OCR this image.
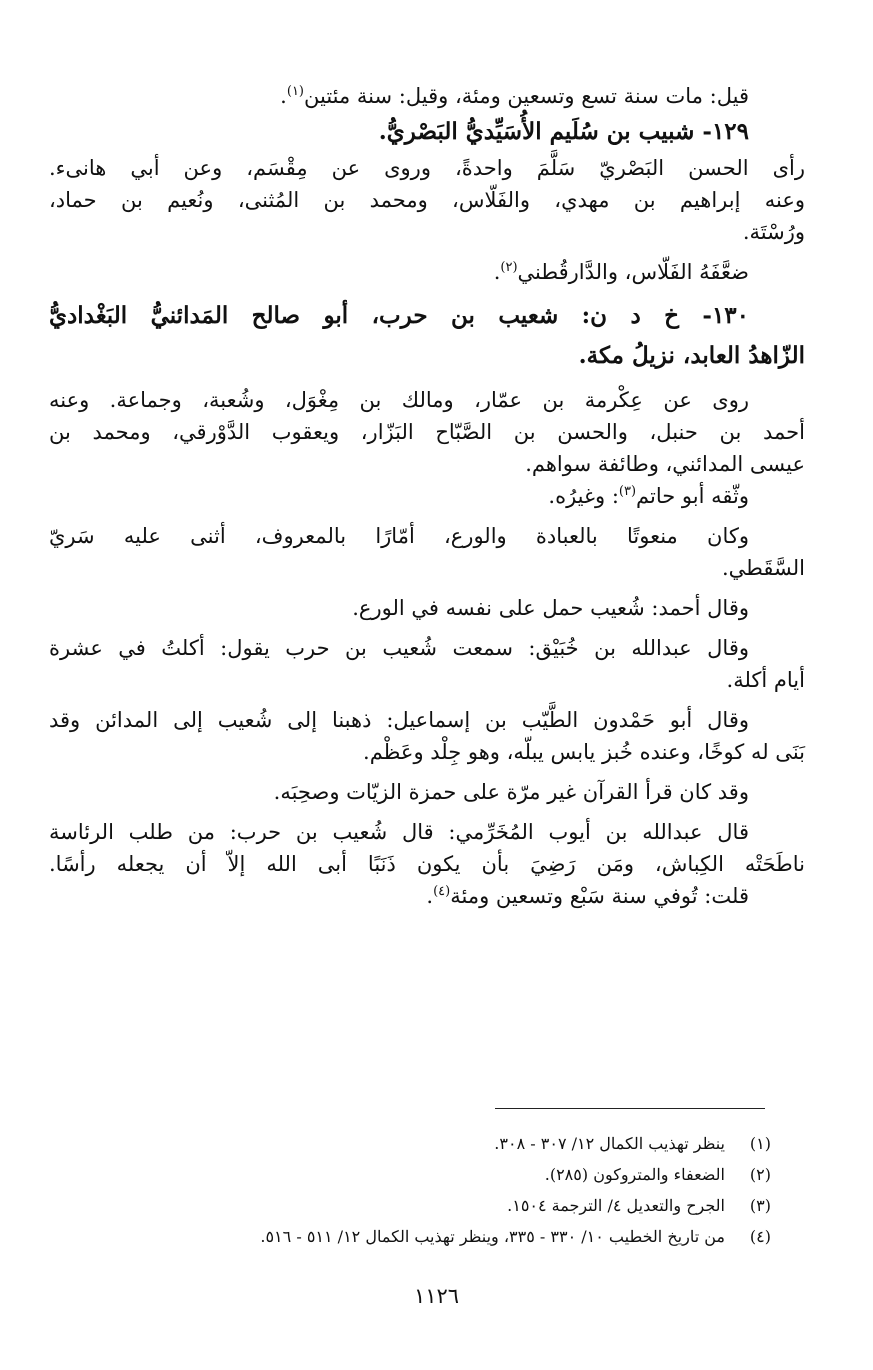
قيل: مات سنة تسع وتسعين ومئة، وقيل: سنة مئتين$^{(١)}$.
١٢٩- شبيب بن سُلَيم الأُسَيِّديُّ البَصْريُّ.
رأى الحسن البَصْريّ سَلَّمَ واحدةً، وروى عن مِقْسَم، وعن أبي هانىء.
وعنه إبراهيم بن مهدي، والفَلّاس، ومحمد بن المُثنى، ونُعيم بن حماد،
ورُسْتَة.
ضعَّفَهُ الفَلّاس، والدَّارقُطني$^{(٢)}$.
١٣٠- خ د ن: شعيب بن حرب، أبو صالح المَدائنيُّ البَغْداديُّ
الزّاهدُ العابد، نزيلُ مكة.
روى عن عِكْرمة بن عمّار، ومالك بن مِغْوَل، وشُعبة، وجماعة. وعنه
أحمد بن حنبل، والحسن بن الصَّبّاح البَزّار، ويعقوب الدَّوْرقي، ومحمد بن
عيسى المدائني، وطائفة سواهم.
وثّقه أبو حاتم$^{(٣)}$: وغيرُه.
وكان منعوتًا بالعبادة والورع، أمّارًا بالمعروف، أثنى عليه سَريّ
السَّقَطي.
وقال أحمد: شُعيب حمل على نفسه في الورع.
وقال عبدالله بن خُبَيْق: سمعت شُعيب بن حرب يقول: أكلتُ في عشرة
أيام أكلة.
وقال أبو حَمْدون الطَّيّب بن إسماعيل: ذهبنا إلى شُعيب إلى المدائن وقد
بَنَى له كوخًا، وعنده خُبز يابس يبلّه، وهو جِلْد وعَظْم.
وقد كان قرأ القرآن غير مرّة على حمزة الزيّات وصحِبَه.
قال عبدالله بن أيوب المُخَرِّمي: قال شُعيب بن حرب: من طلب الرئاسة
ناطَحَتْه الكِباش، ومَن رَضِيَ بأن يكون ذَنَبًا أبى الله إلاّ أن يجعله رأسًا.
قلت: تُوفي سنة سَبْع وتسعين ومئة$^{(٤)}$.
(١)ينظر تهذيب الكمال ١٢/ ٣٠٧ - ٣٠٨.
(٢)الضعفاء والمتروكون (٢٨٥).
(٣)الجرح والتعديل ٤/ الترجمة ١٥٠٤.
(٤)من تاريخ الخطيب ١٠/ ٣٣٠ - ٣٣٥، وينظر تهذيب الكمال ١٢/ ٥١١ - ٥١٦.
١١٢٦
